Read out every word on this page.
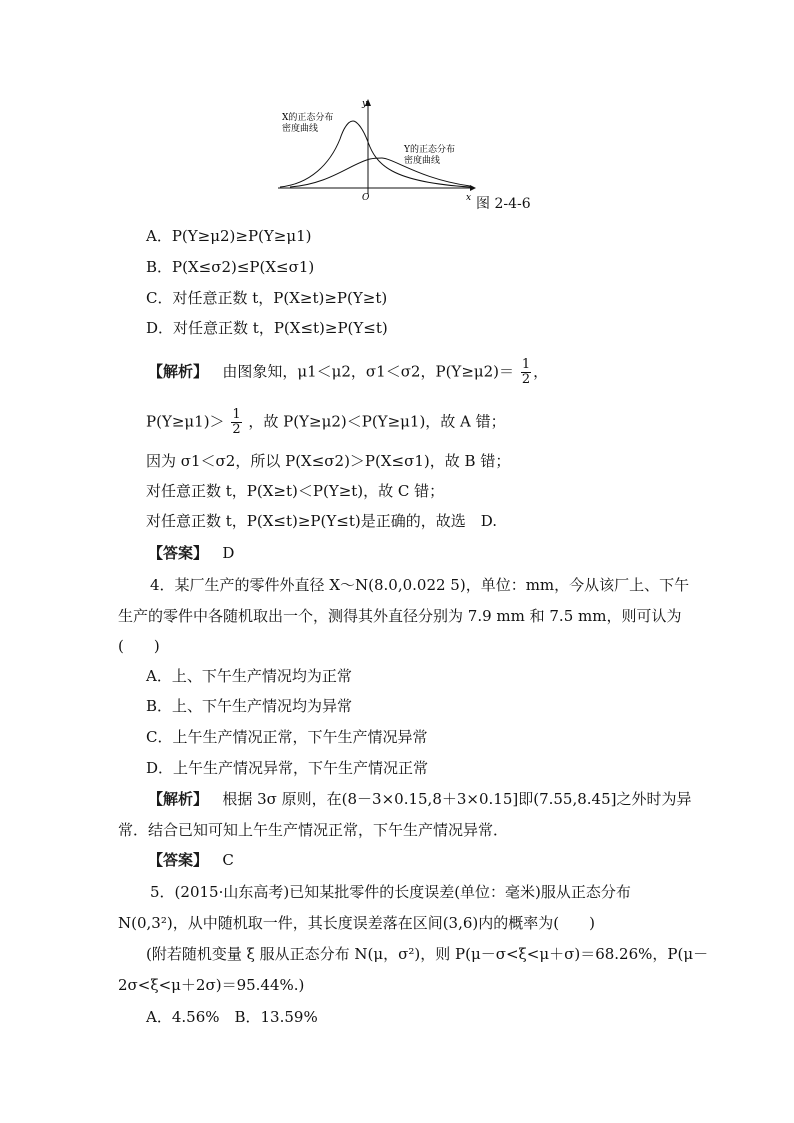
y
x
O
X的正态分布
密度曲线
Y的正态分布
密度曲线
图 2-4-6
A．P(Y≥μ2)≥P(Y≥μ1)
B．P(X≤σ2)≤P(X≤σ1)
C．对任意正数 t，P(X≥t)≥P(Y≥t)
D．对任意正数 t，P(X≤t)≥P(Y≤t)
【解析】 由图象知，μ1＜μ2，σ1＜σ2，$P(Y\ge\mu 2)= \frac{1}{2}$ ，
$P(Y\ge\mu 1)> \frac{1}{2}$ ，故 P(Y≥μ2)＜P(Y≥μ1)，故 A 错；
因为 σ1＜σ2，所以 P(X≤σ2)＞P(X≤σ1)，故 B 错；
对任意正数 t，P(X≥t)＜P(Y≥t)，故 C 错；
对任意正数 t，P(X≤t)≥P(Y≤t)是正确的，故选　D.
【答案】 D
4．某厂生产的零件外直径 X～N(8.0,0.022 5)，单位：mm，今从该厂上、下午
生产的零件中各随机取出一个，测得其外直径分别为 7.9 mm 和 7.5 mm，则可认为
(　　)
A．上、下午生产情况均为正常
B．上、下午生产情况均为异常
C．上午生产情况正常，下午生产情况异常
D．上午生产情况异常，下午生产情况正常
【解析】 根据 3σ 原则，在(8－3×0.15,8＋3×0.15]即(7.55,8.45]之外时为异
常．结合已知可知上午生产情况正常，下午生产情况异常．
【答案】 C
5．(2015·山东高考)已知某批零件的长度误差(单位：毫米)服从正态分布
N(0,3²)，从中随机取一件，其长度误差落在区间(3,6)内的概率为(　　)
(附若随机变量 ξ 服从正态分布 N(μ，σ²)，则 P(μ－σ<ξ<μ＋σ)＝68.26%，P(μ－
2σ<ξ<μ＋2σ)＝95.44%.)
A．4.56%　B．13.59%
